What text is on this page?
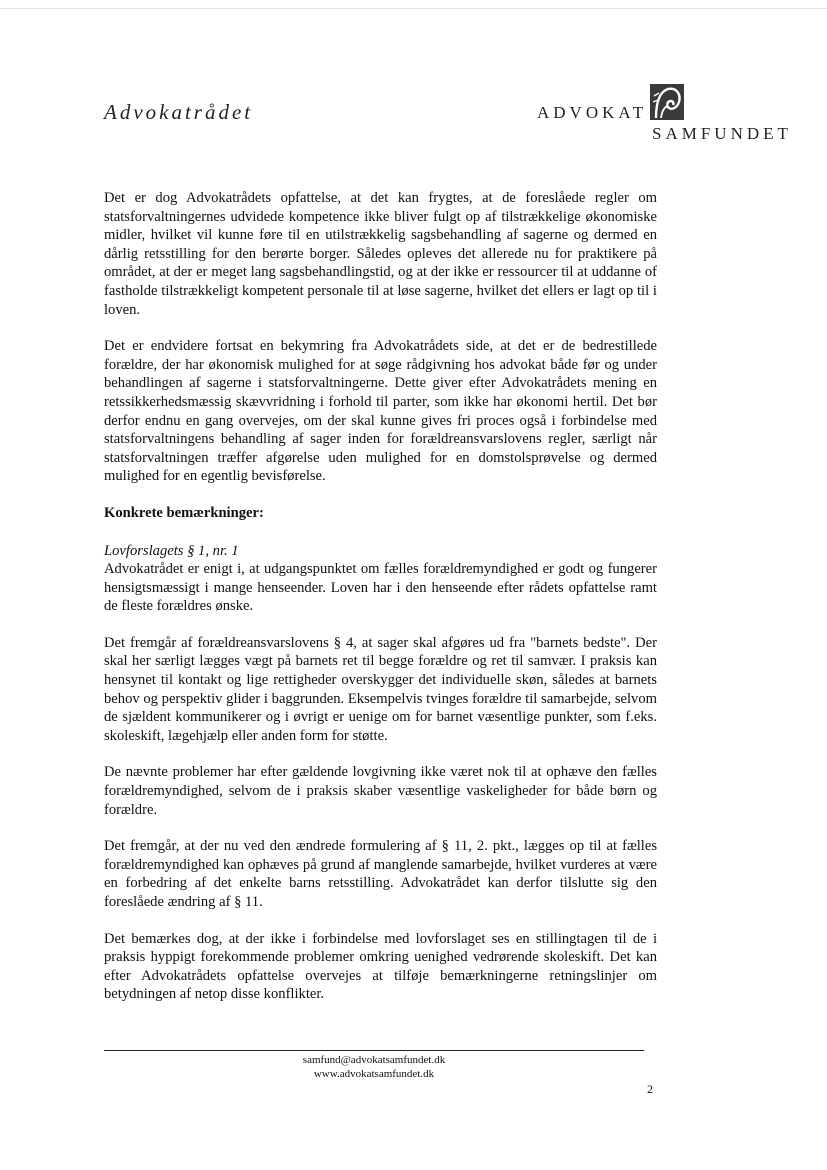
Advokatrådet	ADVOKAT
SAMFUNDET

Det er dog Advokatrådets opfattelse, at det kan frygtes, at de foreslåede regler om statsforvaltningernes udvidede kompetence ikke bliver fulgt op af tilstrækkelige økonomiske midler, hvilket vil kunne føre til en utilstrækkelig sagsbehandling af sagerne og dermed en dårlig retsstilling for den berørte borger. Således opleves det allerede nu for praktikere på området, at der er meget lang sagsbehandlingstid, og at der ikke er ressourcer til at uddanne of fastholde tilstrækkeligt kompetent personale til at løse sagerne, hvilket det ellers er lagt op til i loven.

Det er endvidere fortsat en bekymring fra Advokatrådets side, at det er de bedrestillede forældre, der har økonomisk mulighed for at søge rådgivning hos advokat både før og under behandlingen af sagerne i statsforvaltningerne. Dette giver efter Advokatrådets mening en retssikkerhedsmæssig skævvridning i forhold til parter, som ikke har økonomi hertil. Det bør derfor endnu en gang overvejes, om der skal kunne gives fri proces også i forbindelse med statsforvaltningens behandling af sager inden for forældreansvarslovens regler, særligt når statsforvaltningen træffer afgørelse uden mulighed for en domstolsprøvelse og dermed mulighed for en egentlig bevisførelse.

Konkrete bemærkninger:

Lovforslagets § 1, nr. 1

Advokatrådet er enigt i, at udgangspunktet om fælles forældremyndighed er godt og fungerer hensigtsmæssigt i mange henseender. Loven har i den henseende efter rådets opfattelse ramt de fleste forældres ønske.

Det fremgår af forældreansvarslovens § 4, at sager skal afgøres ud fra "barnets bedste". Der skal her særligt lægges vægt på barnets ret til begge forældre og ret til samvær. I praksis kan hensynet til kontakt og lige rettigheder overskygger det individuelle skøn, således at barnets behov og perspektiv glider i baggrunden. Eksempelvis tvinges forældre til samarbejde, selvom de sjældent kommunikerer og i øvrigt er uenige om for barnet væsentlige punkter, som f.eks. skoleskift, lægehjælp eller anden form for støtte.

De nævnte problemer har efter gældende lovgivning ikke været nok til at ophæve den fælles forældremyndighed, selvom de i praksis skaber væsentlige vaskeligheder for både børn og forældre.

Det fremgår, at der nu ved den ændrede formulering af § 11, 2. pkt., lægges op til at fælles forældremyndighed kan ophæves på grund af manglende samarbejde, hvilket vurderes at være en forbedring af det enkelte barns retsstilling. Advokatrådet kan derfor tilslutte sig den foreslåede ændring af § 11.

Det bemærkes dog, at der ikke i forbindelse med lovforslaget ses en stillingtagen til de i praksis hyppigt forekommende problemer omkring uenighed vedrørende skoleskift. Det kan efter Advokatrådets opfattelse overvejes at tilføje bemærkningerne retningslinjer om betydningen af netop disse konflikter.

samfund@advokatsamfundet.dk
www.advokatsamfundet.dk
2
